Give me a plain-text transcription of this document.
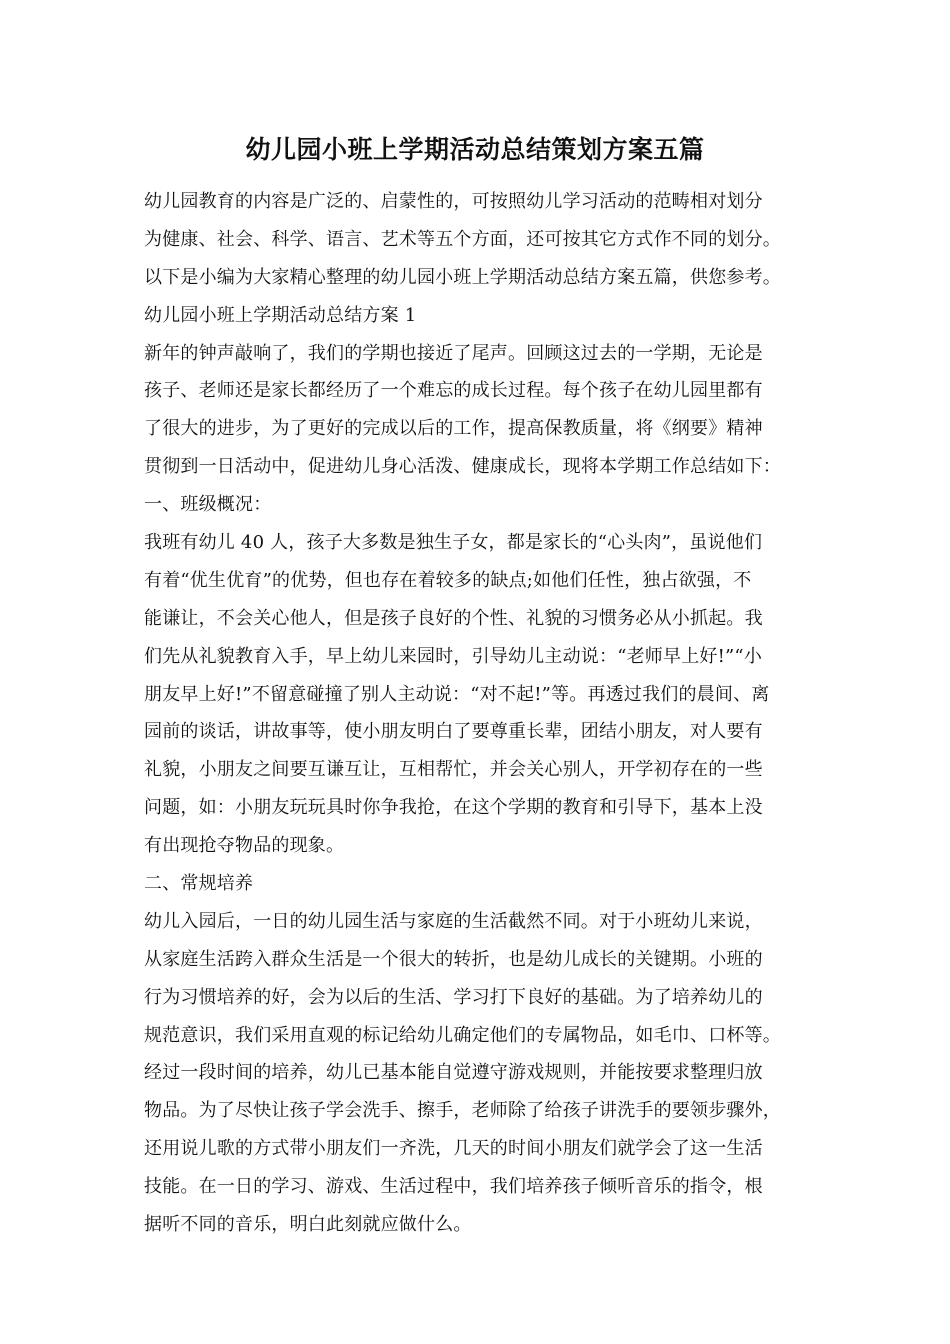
幼儿园小班上学期活动总结策划方案五篇
幼儿园教育的内容是广泛的、启蒙性的，可按照幼儿学习活动的范畴相对划分
为健康、社会、科学、语言、艺术等五个方面，还可按其它方式作不同的划分。
以下是小编为大家精心整理的幼儿园小班上学期活动总结方案五篇，供您参考。
幼儿园小班上学期活动总结方案 1
新年的钟声敲响了，我们的学期也接近了尾声。回顾这过去的一学期，无论是
孩子、老师还是家长都经历了一个难忘的成长过程。每个孩子在幼儿园里都有
了很大的进步，为了更好的完成以后的工作，提高保教质量，将《纲要》精神
贯彻到一日活动中，促进幼儿身心活泼、健康成长，现将本学期工作总结如下：
一、班级概况：
我班有幼儿 40 人，孩子大多数是独生子女，都是家长的“心头肉”，虽说他们
有着“优生优育”的优势，但也存在着较多的缺点;如他们任性，独占欲强，不
能谦让，不会关心他人，但是孩子良好的个性、礼貌的习惯务必从小抓起。我
们先从礼貌教育入手，早上幼儿来园时，引导幼儿主动说：“老师早上好!”“小
朋友早上好!”不留意碰撞了别人主动说：“对不起!”等。再透过我们的晨间、离
园前的谈话，讲故事等，使小朋友明白了要尊重长辈，团结小朋友，对人要有
礼貌，小朋友之间要互谦互让，互相帮忙，并会关心别人，开学初存在的一些
问题，如：小朋友玩玩具时你争我抢，在这个学期的教育和引导下，基本上没
有出现抢夺物品的现象。
二、常规培养
幼儿入园后，一日的幼儿园生活与家庭的生活截然不同。对于小班幼儿来说，
从家庭生活跨入群众生活是一个很大的转折，也是幼儿成长的关键期。小班的
行为习惯培养的好，会为以后的生活、学习打下良好的基础。为了培养幼儿的
规范意识，我们采用直观的标记给幼儿确定他们的专属物品，如毛巾、口杯等。
经过一段时间的培养，幼儿已基本能自觉遵守游戏规则，并能按要求整理归放
物品。为了尽快让孩子学会洗手、擦手，老师除了给孩子讲洗手的要领步骤外，
还用说儿歌的方式带小朋友们一齐洗，几天的时间小朋友们就学会了这一生活
技能。在一日的学习、游戏、生活过程中，我们培养孩子倾听音乐的指令，根
据听不同的音乐，明白此刻就应做什么。
